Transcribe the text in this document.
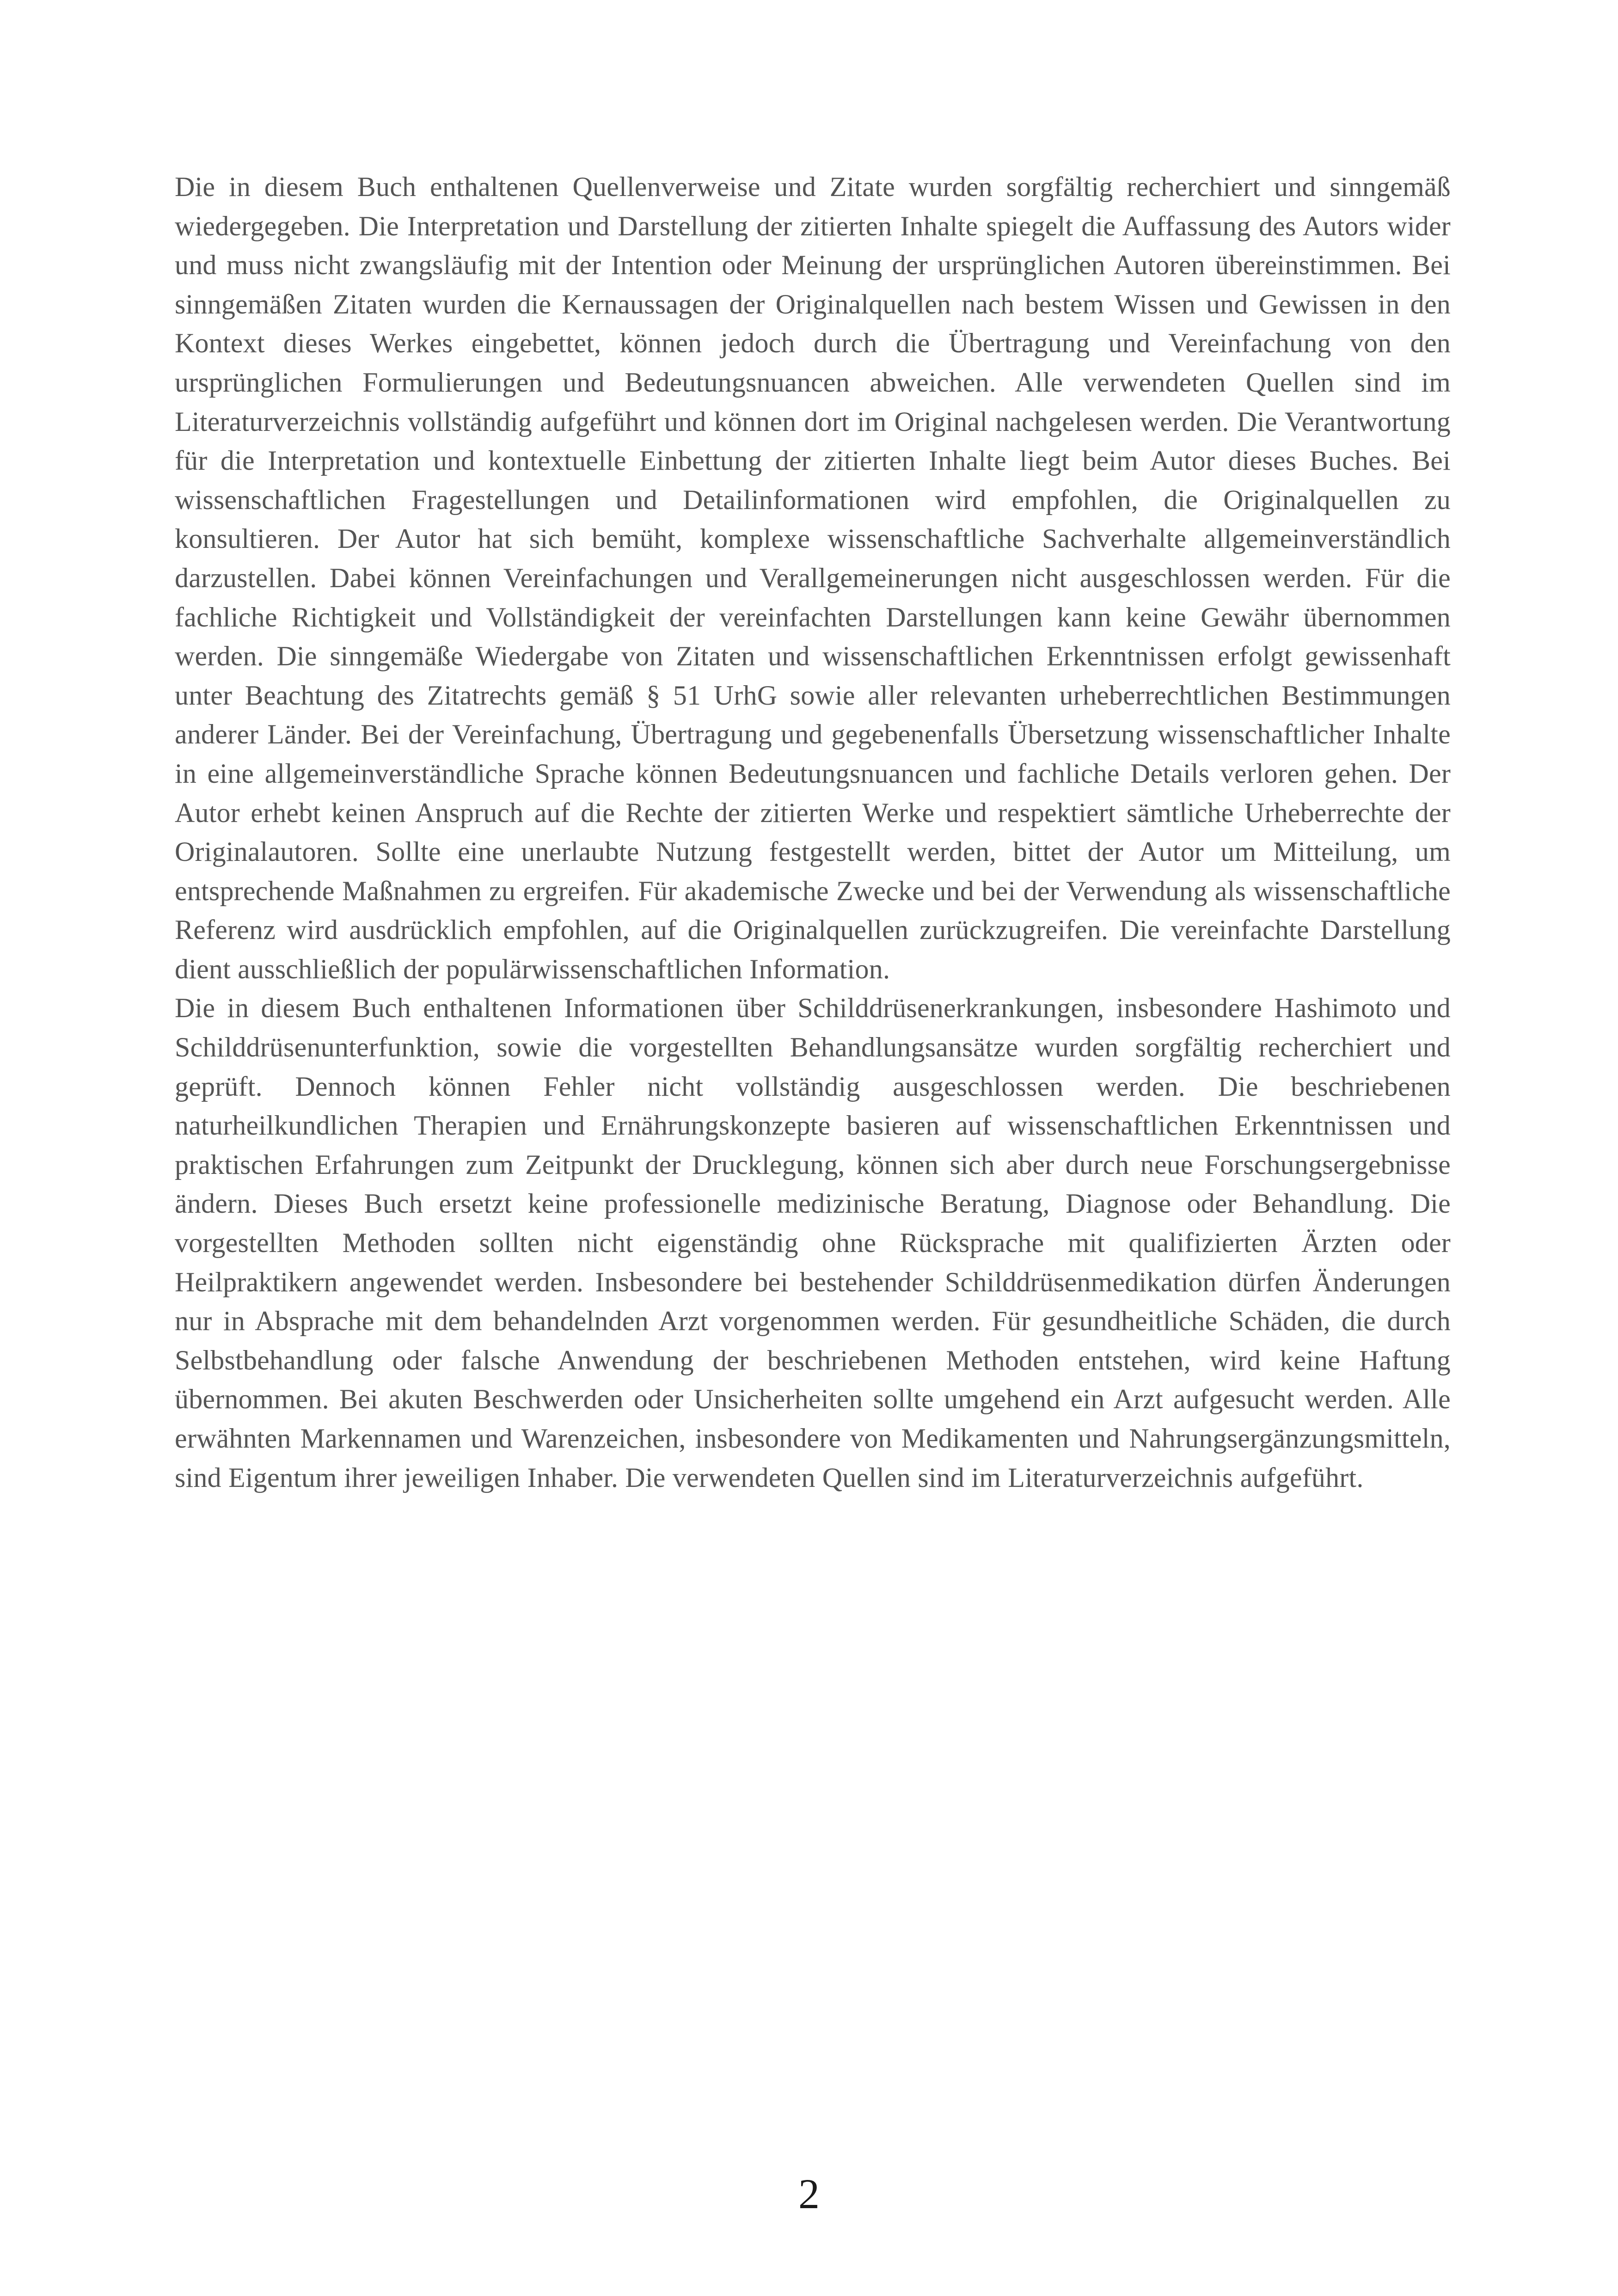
Die in diesem Buch enthaltenen Quellenverweise und Zitate wurden sorgfältig recherchiert und sinngemäß wiedergegeben. Die Interpretation und Darstellung der zitierten Inhalte spiegelt die Auffassung des Autors wider und muss nicht zwangsläufig mit der Intention oder Meinung der ursprünglichen Autoren übereinstimmen. Bei sinngemäßen Zitaten wurden die Kernaussagen der Originalquellen nach bestem Wissen und Gewissen in den Kontext dieses Werkes eingebettet, können jedoch durch die Übertragung und Vereinfachung von den ursprünglichen Formulierungen und Bedeutungsnuancen abweichen. Alle verwendeten Quellen sind im Literaturverzeichnis vollständig aufgeführt und können dort im Original nachgelesen werden. Die Verantwortung für die Interpretation und kontextuelle Einbettung der zitierten Inhalte liegt beim Autor dieses Buches. Bei wissenschaftlichen Fragestellungen und Detailinformationen wird empfohlen, die Originalquellen zu konsultieren. Der Autor hat sich bemüht, komplexe wissenschaftliche Sachverhalte allgemeinverständlich darzustellen. Dabei können Vereinfachungen und Verallgemeinerungen nicht ausgeschlossen werden. Für die fachliche Richtigkeit und Vollständigkeit der vereinfachten Darstellungen kann keine Gewähr übernommen werden. Die sinngemäße Wiedergabe von Zitaten und wissenschaftlichen Erkenntnissen erfolgt gewissenhaft unter Beachtung des Zitatrechts gemäß § 51 UrhG sowie aller relevanten urheberrechtlichen Bestimmungen anderer Länder. Bei der Vereinfachung, Übertragung und gegebenenfalls Übersetzung wissenschaftlicher Inhalte in eine allgemeinverständliche Sprache können Bedeutungsnuancen und fachliche Details verloren gehen. Der Autor erhebt keinen Anspruch auf die Rechte der zitierten Werke und respektiert sämtliche Urheberrechte der Originalautoren. Sollte eine unerlaubte Nutzung festgestellt werden, bittet der Autor um Mitteilung, um entsprechende Maßnahmen zu ergreifen. Für akademische Zwecke und bei der Verwendung als wissenschaftliche Referenz wird ausdrücklich empfohlen, auf die Originalquellen zurückzugreifen. Die vereinfachte Darstellung dient ausschließlich der populärwissenschaftlichen Information.

Die in diesem Buch enthaltenen Informationen über Schilddrüsenerkrankungen, insbesondere Hashimoto und Schilddrüsenunterfunktion, sowie die vorgestellten Behandlungsansätze wurden sorgfältig recherchiert und geprüft. Dennoch können Fehler nicht vollständig ausgeschlossen werden. Die beschriebenen naturheilkundlichen Therapien und Ernährungskonzepte basieren auf wissenschaftlichen Erkenntnissen und praktischen Erfahrungen zum Zeitpunkt der Drucklegung, können sich aber durch neue Forschungsergebnisse ändern. Dieses Buch ersetzt keine professionelle medizinische Beratung, Diagnose oder Behandlung. Die vorgestellten Methoden sollten nicht eigenständig ohne Rücksprache mit qualifizierten Ärzten oder Heilpraktikern angewendet werden. Insbesondere bei bestehender Schilddrüsenmedikation dürfen Änderungen nur in Absprache mit dem behandelnden Arzt vorgenommen werden. Für gesundheitliche Schäden, die durch Selbstbehandlung oder falsche Anwendung der beschriebenen Methoden entstehen, wird keine Haftung übernommen. Bei akuten Beschwerden oder Unsicherheiten sollte umgehend ein Arzt aufgesucht werden. Alle erwähnten Markennamen und Warenzeichen, insbesondere von Medikamenten und Nahrungsergänzungsmitteln, sind Eigentum ihrer jeweiligen Inhaber. Die verwendeten Quellen sind im Literaturverzeichnis aufgeführt.

2
